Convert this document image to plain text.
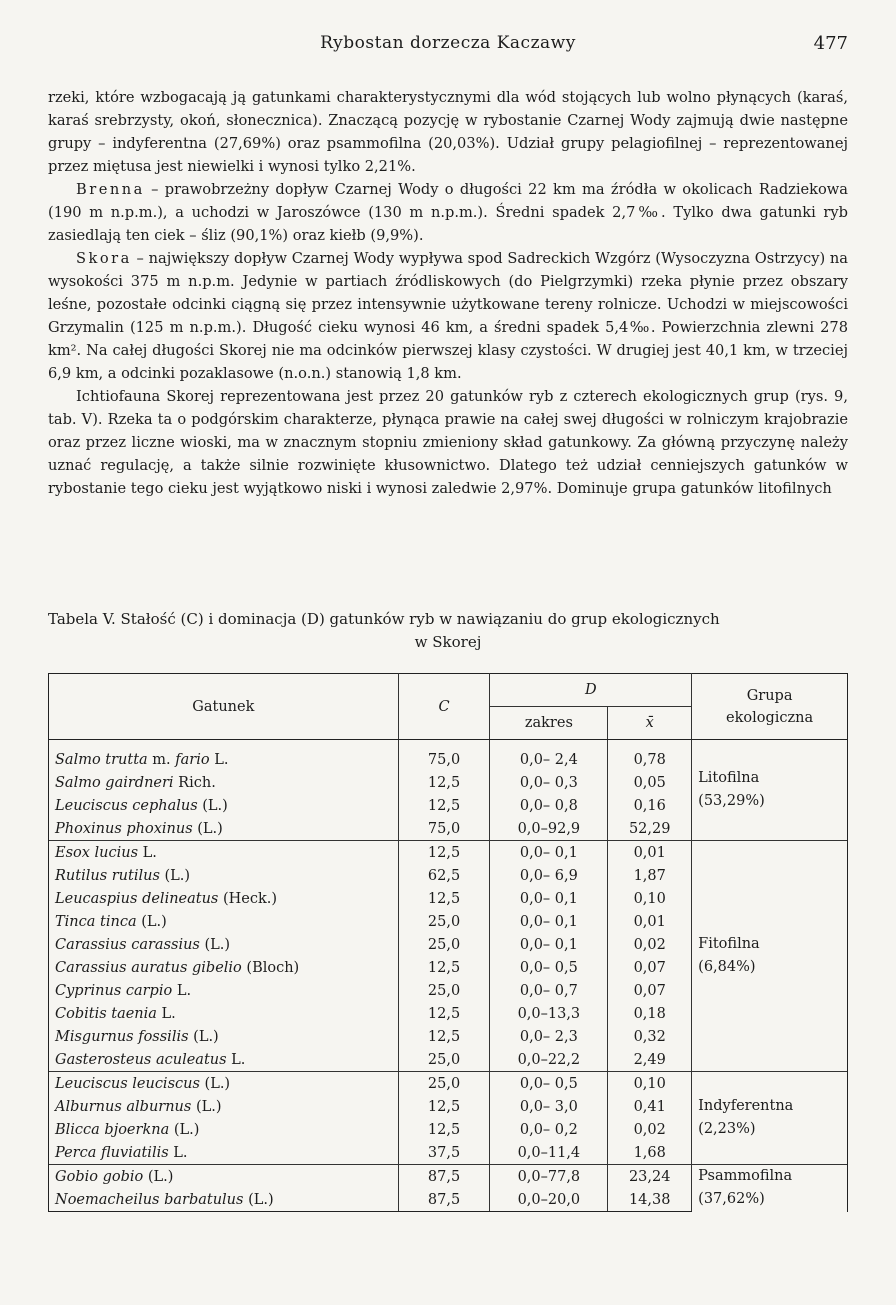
Rybostan dorzecza Kaczawy	477

rzeki, które wzbogacają ją gatunkami charakterystycznymi dla wód stojących lub wolno płynących (karaś, karaś srebrzysty, okoń, słonecznica). Znaczącą pozycję w rybostanie Czarnej Wody zajmują dwie następne grupy – indyferentna (27,69%) oraz psammofilna (20,03%). Udział grupy pelagiofilnej – reprezentowanej przez miętusa jest niewielki i wynosi tylko 2,21%.

Brenna – prawobrzeżny dopływ Czarnej Wody o długości 22 km ma źródła w okolicach Radziekowa (190 m n.p.m.), a uchodzi w Jaroszówce (130 m n.p.m.). Średni spadek 2,7‰. Tylko dwa gatunki ryb zasiedlają ten ciek – śliz (90,1%) oraz kiełb (9,9%).

Skora – największy dopływ Czarnej Wody wypływa spod Sadreckich Wzgórz (Wysoczyzna Ostrzycy) na wysokości 375 m n.p.m. Jedynie w partiach źródliskowych (do Pielgrzymki) rzeka płynie przez obszary leśne, pozostałe odcinki ciągną się przez intensywnie użytkowane tereny rolnicze. Uchodzi w miejscowości Grzymalin (125 m n.p.m.). Długość cieku wynosi 46 km, a średni spadek 5,4‰. Powierzchnia zlewni 278 km². Na całej długości Skorej nie ma odcinków pierwszej klasy czystości. W drugiej jest 40,1 km, w trzeciej 6,9 km, a odcinki pozaklasowe (n.o.n.) stanowią 1,8 km.

Ichtiofauna Skorej reprezentowana jest przez 20 gatunków ryb z czterech ekologicznych grup (rys. 9, tab. V). Rzeka ta o podgórskim charakterze, płynąca prawie na całej swej długości w rolniczym krajobrazie oraz przez liczne wioski, ma w znacznym stopniu zmieniony skład gatunkowy. Za główną przyczynę należy uznać regulację, a także silnie rozwinięte kłusownictwo. Dlatego też udział cenniejszych gatunków w rybostanie tego cieku jest wyjątkowo niski i wynosi zaledwie 2,97%. Dominuje grupa gatunków litofilnych

Tabela V. Stałość (C) i dominacja (D) gatunków ryb w nawiązaniu do grup ekologicznych
w Skorej
Gatunek	C	D		Grupa
ekologiczna
		zakres	x̄	
Salmo trutta m. fario L.	75,0	0,0– 2,4	0,78	Litofilna
(53,29%)

Salmo gairdneri Rich.	12,5	0,0– 0,3	0,05	
Leuciscus cephalus (L.)	12,5	0,0– 0,8	0,16	
Phoxinus phoxinus (L.)	75,0	0,0–92,9	52,29	
Esox lucius L.	12,5	0,0– 0,1	0,01	Fitofilna
(6,84%)

Rutilus rutilus (L.)	62,5	0,0– 6,9	1,87	
Leucaspius delineatus (Heck.)	12,5	0,0– 0,1	0,10	
Tinca tinca (L.)	25,0	0,0– 0,1	0,01	
Carassius carassius (L.)	25,0	0,0– 0,1	0,02	
Carassius auratus gibelio (Bloch)	12,5	0,0– 0,5	0,07	
Cyprinus carpio L.	25,0	0,0– 0,7	0,07	
Cobitis taenia L.	12,5	0,0–13,3	0,18	
Misgurnus fossilis (L.)	12,5	0,0– 2,3	0,32	
Gasterosteus aculeatus L.	25,0	0,0–22,2	2,49	
Leuciscus leuciscus (L.)	25,0	0,0– 0,5	0,10	Indyferentna
(2,23%)

Alburnus alburnus (L.)	12,5	0,0– 3,0	0,41	
Blicca bjoerkna (L.)	12,5	0,0– 0,2	0,02	
Perca fluviatilis L.	37,5	0,0–11,4	1,68	
Gobio gobio (L.)	87,5	0,0–77,8	23,24	Psammofilna
(37,62%)

Noemacheilus barbatulus (L.)	87,5	0,0–20,0	14,38	
